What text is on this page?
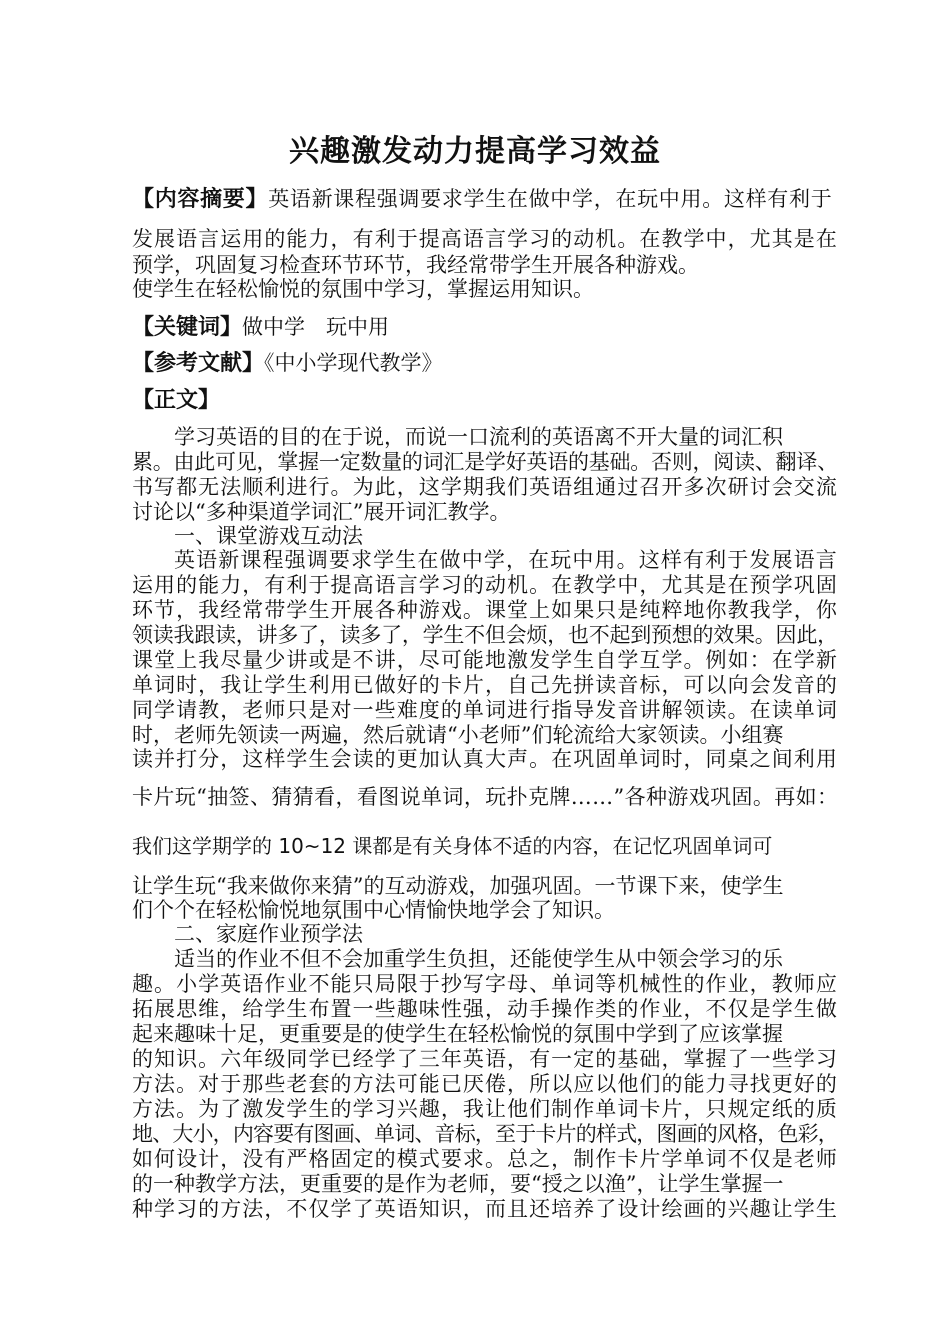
兴趣激发动力提高学习效益
【内容摘要】英语新课程强调要求学生在做中学，在玩中用。这样有利于
发展语言运用的能力，有利于提高语言学习的动机。在教学中，尤其是在
预学，巩固复习检查环节环节，我经常带学生开展各种游戏。
使学生在轻松愉悦的氛围中学习，掌握运用知识。
【关键词】做中学　玩中用
【参考文献】《中小学现代教学》
【正文】
学习英语的目的在于说，而说一口流利的英语离不开大量的词汇积
累。由此可见，掌握一定数量的词汇是学好英语的基础。否则，阅读、翻译、
书写都无法顺利进行。为此，这学期我们英语组通过召开多次研讨会交流
讨论以“多种渠道学词汇”展开词汇教学。
一、课堂游戏互动法
英语新课程强调要求学生在做中学，在玩中用。这样有利于发展语言
运用的能力，有利于提高语言学习的动机。在教学中，尤其是在预学巩固
环节，我经常带学生开展各种游戏。课堂上如果只是纯粹地你教我学，你
领读我跟读，讲多了，读多了，学生不但会烦，也不起到预想的效果。因此，
课堂上我尽量少讲或是不讲，尽可能地激发学生自学互学。例如：在学新
单词时，我让学生利用已做好的卡片，自己先拼读音标，可以向会发音的
同学请教，老师只是对一些难度的单词进行指导发音讲解领读。在读单词
时，老师先领读一两遍，然后就请“小老师”们轮流给大家领读。小组赛
读并打分，这样学生会读的更加认真大声。在巩固单词时，同桌之间利用
卡片玩“抽签、猜猜看，看图说单词，玩扑克牌……”各种游戏巩固。再如：
我们这学期学的 10~12 课都是有关身体不适的内容，在记忆巩固单词可
让学生玩“我来做你来猜”的互动游戏，加强巩固。一节课下来，使学生
们个个在轻松愉悦地氛围中心情愉快地学会了知识。
二、家庭作业预学法
适当的作业不但不会加重学生负担，还能使学生从中领会学习的乐
趣。小学英语作业不能只局限于抄写字母、单词等机械性的作业，教师应
拓展思维，给学生布置一些趣味性强，动手操作类的作业，不仅是学生做
起来趣味十足，更重要是的使学生在轻松愉悦的氛围中学到了应该掌握
的知识。六年级同学已经学了三年英语，有一定的基础，掌握了一些学习
方法。对于那些老套的方法可能已厌倦，所以应以他们的能力寻找更好的
方法。为了激发学生的学习兴趣，我让他们制作单词卡片，只规定纸的质
地、大小，内容要有图画、单词、音标，至于卡片的样式，图画的风格，色彩，
如何设计，没有严格固定的模式要求。总之，制作卡片学单词不仅是老师
的一种教学方法，更重要的是作为老师，要“授之以渔”，让学生掌握一
种学习的方法，不仅学了英语知识，而且还培养了设计绘画的兴趣让学生
